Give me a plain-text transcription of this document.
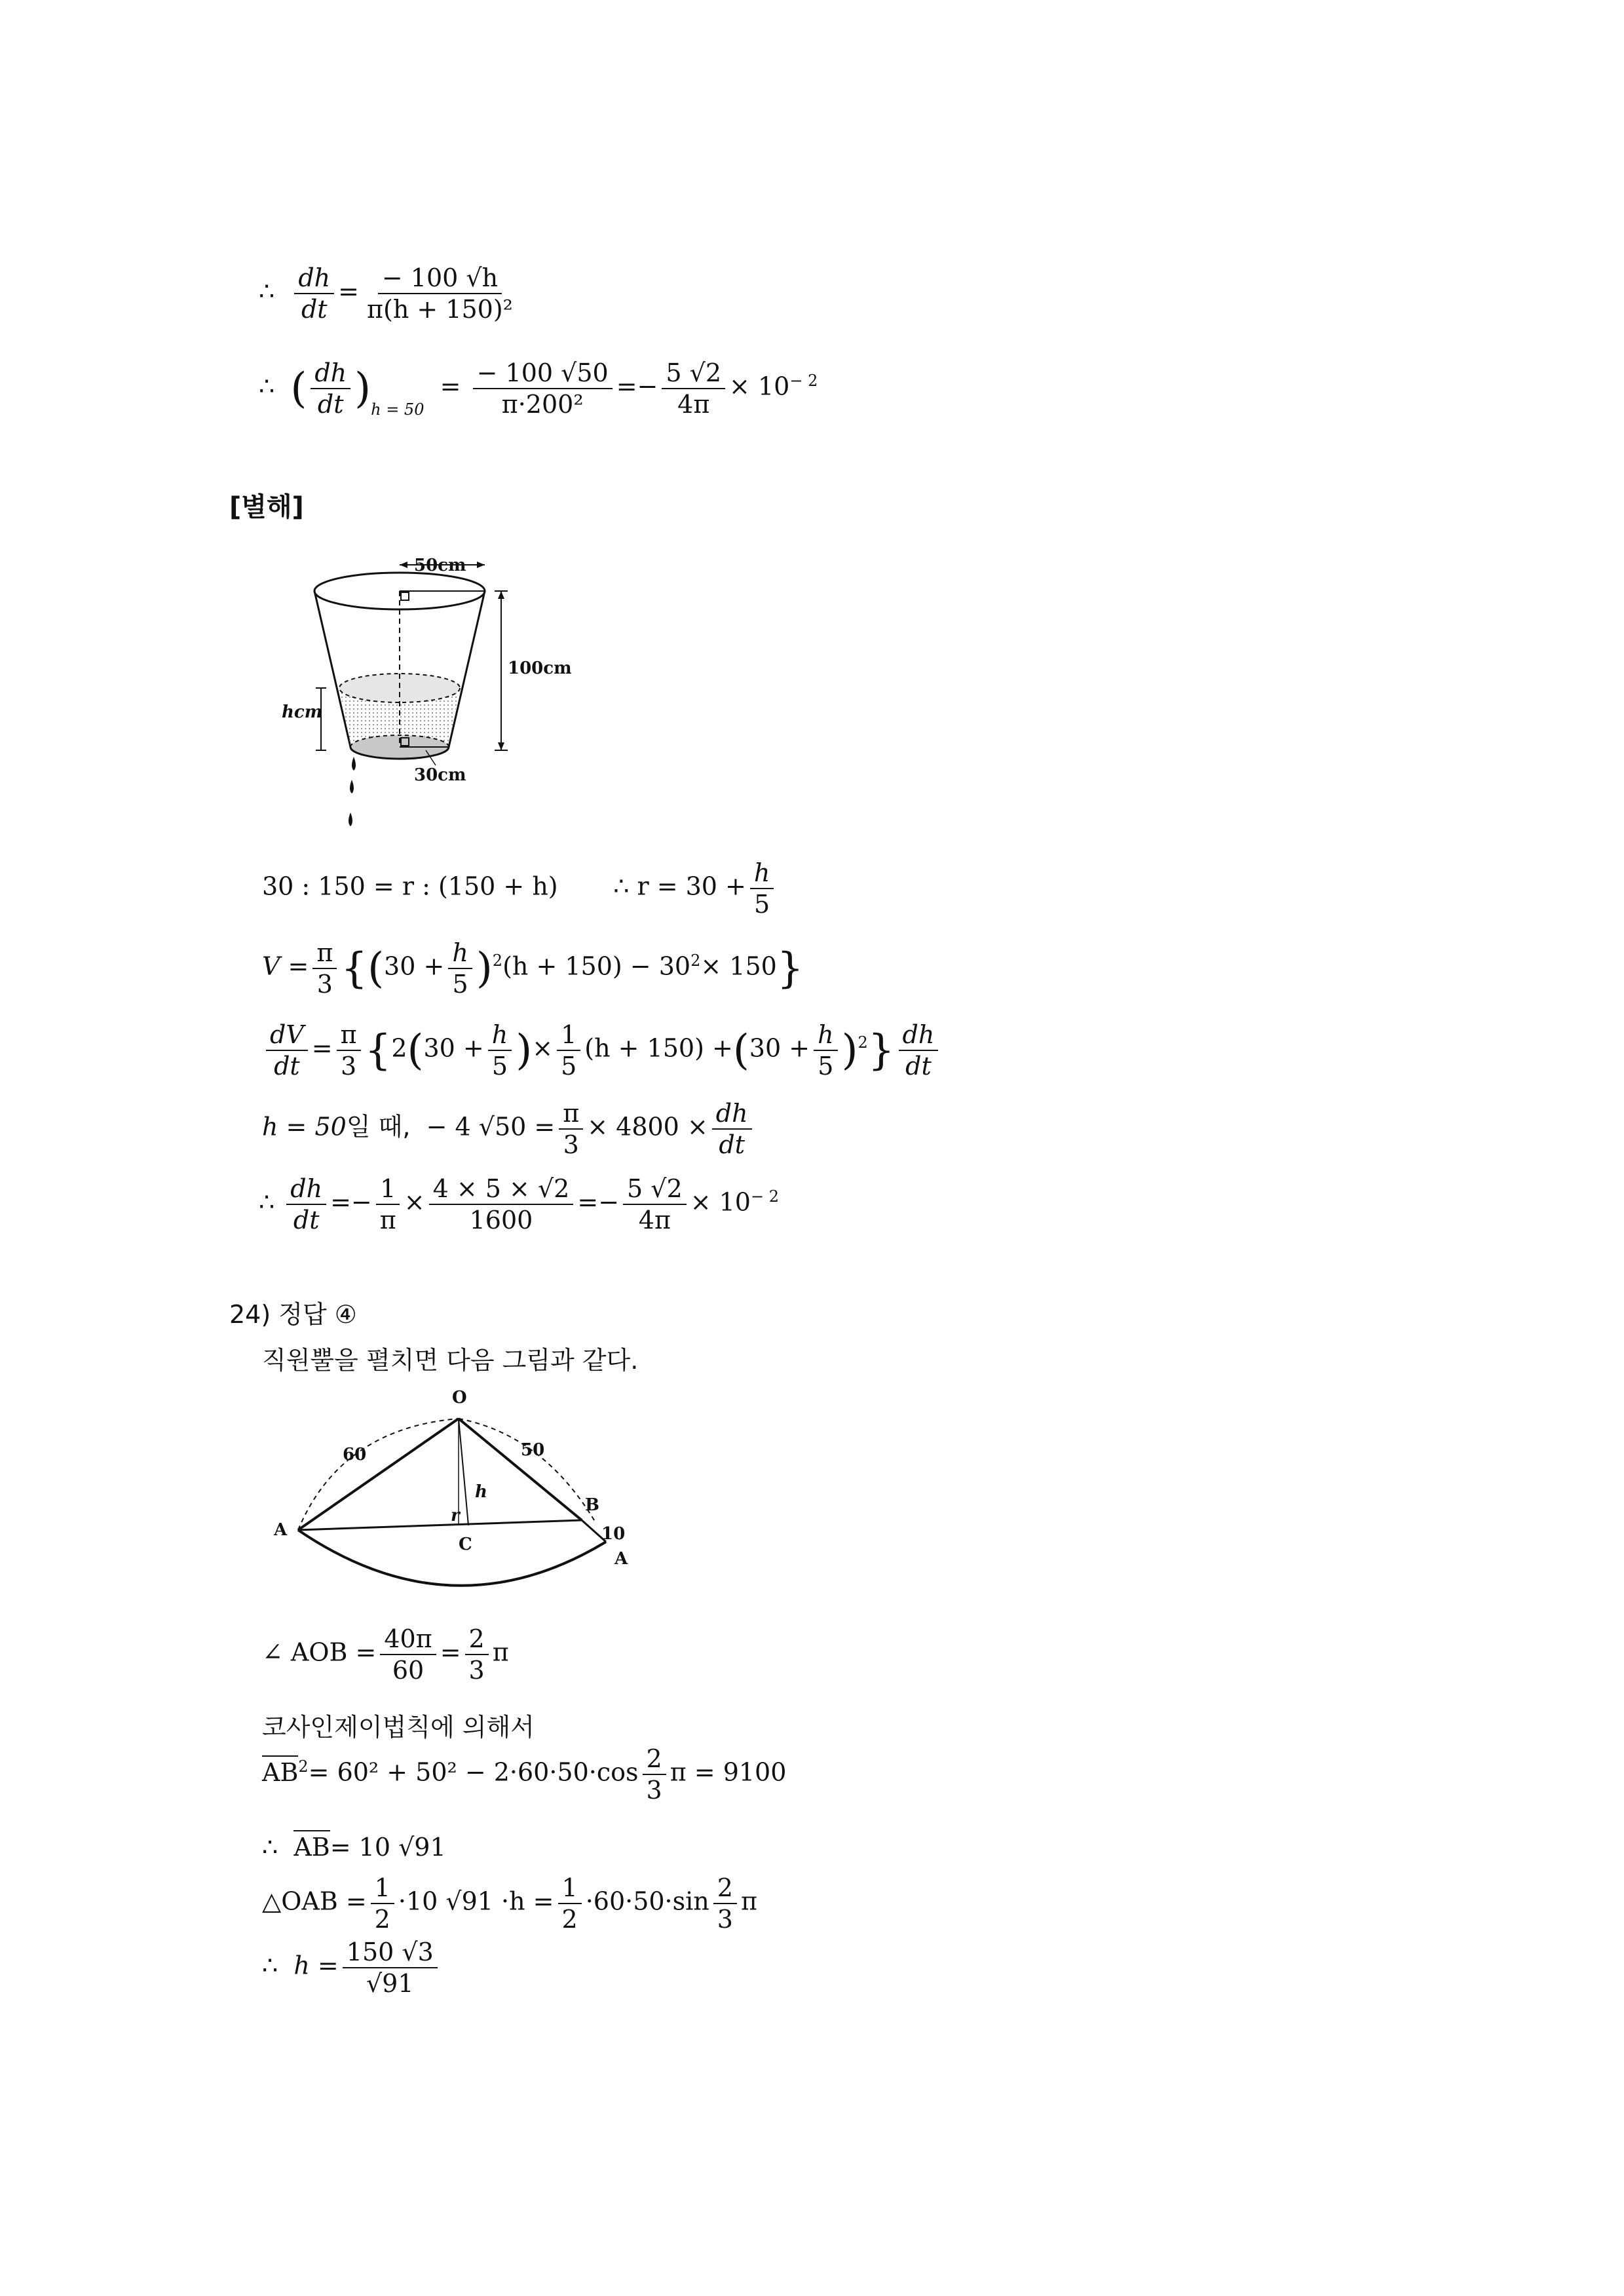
∴ $\frac{dh}{dt} = \frac{- 100 √h}{\text{π(h + 150)²}}$
∴ ( $\frac{dh}{dt} )_{h = 50} = \frac{- 100 √50}{\text{π·200²}} =- \frac{5 √2}{4\pi} \times 10^{- 2}$
[별해]
50cm
100cm
hcm
30cm
30 : 150 = r : (150 + h) ∴ $r = 30 + \frac{h}{5}$
$V = \frac{\pi}{3} \{(30 + \frac{h}{5} )^2(h + 150) - 30^2\times 150\}$
$\frac{dV}{dt} = \frac{\pi}{3} \{2(30 + \frac{h}{5}$ )× $\frac{1}{5} (h + 150) +(30 + \frac{h}{5} )^2\} \frac{dh}{dt}$
h = 50일 때, − 4 $√50 = \frac{\pi}{3} \times 4800 \times \frac{dh}{dt}$
∴ $\frac{dh}{dt} =- \frac{1}{\pi} \times \frac{4 \times 5 \times √2}{1600} =- \frac{5 √2}{4\pi} \times 10^{- 2}$
24) 정답 ④
직원뿔을 펼치면 다음 그림과 같다.
O
60	50
h
r
B
A
C
10
A
∠ AOB = $\frac{40\pi}{60} = \frac{2}{3}$ π
코사인제이법칙에 의해서
$AB^2= 60^2 + 50^2 - 2\cdot 60\cdot 50\cdot\cos \frac{2}{3}$ π = 9100
∴ AB= 10 √91
△OAB = $\frac{1}{2} \cdot 10$ $√91 \cdot h = \frac{1}{2} \cdot 60\cdot 50\cdot\sin \frac{2}{3}$ π
∴ $h = \frac{150 √3}{√91}$
